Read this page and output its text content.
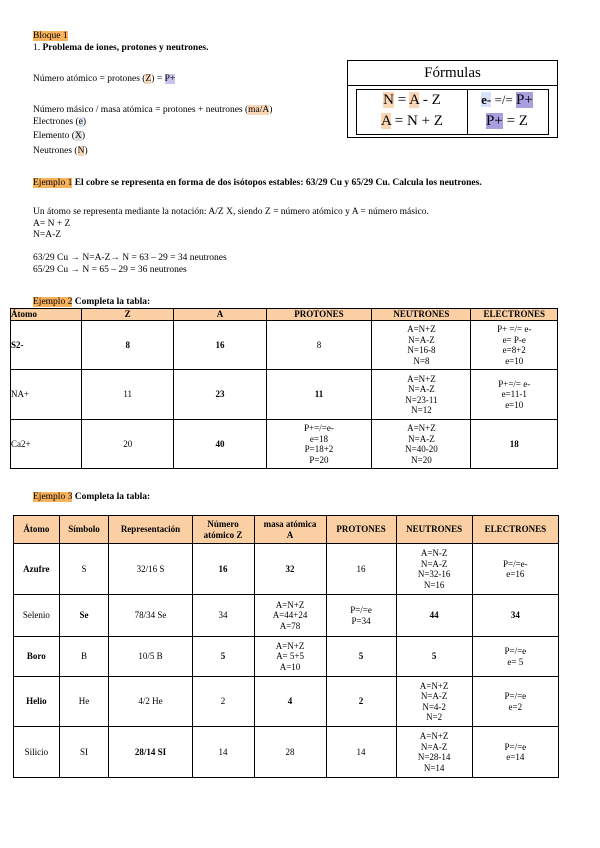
Bloque 1
1. Problema de iones, protones y neutrones.
Número atómico = protones (Z) = P+
Número másico / masa atómica = protones + neutrones (ma/A)
Electrones (e)
Elemento (X)
Neutrones (N)
Fórmulas
N = A - Z
A = N + Z
e- =/= P+
P+ = Z
Ejemplo 1 El cobre se representa en forma de dos isótopos estables: 63/29 Cu y 65/29 Cu. Calcula los neutrones.
Un átomo se representa mediante la notación: A/Z X, siendo Z = número atómico y A = número másico.
A= N + Z
N=A-Z
63/29 Cu → N=A-Z→ N = 63 – 29 = 34 neutrones
65/29 Cu → N = 65 – 29 = 36 neutrones
Ejemplo 2 Completa la tabla:
Átomo	Z	A	PROTONES	NEUTRONES	ELECTRONES
S2-	8	16	8	A=N+Z
N=A-Z
N=16-8
N=8	P+ =/= e-
e= P-e
e=8+2
e=10
NA+	11	23	11	A=N+Z
N=A-Z
N=23-11
N=12	P+=/= e-
e=11-1
e=10
Ca2+	20	40	P+=/=e-
e=18
P=18+2
P=20	A=N+Z
N=A-Z
N=40-20
N=20	18
Ejemplo 3 Completa la tabla:
Átomo	Símbolo	Representación	Número
atómico Z	masa atómica
A	PROTONES	NEUTRONES	ELECTRONES
Azufre	S	32/16 S	16	32	16	A=N-Z
N=A-Z
N=32-16
N=16	P=/=e-
e=16
Selenio	Se	78/34 Se	34	A=N+Z
A=44+24
A=78	P=/=e
P=34	44	34
Boro	B	10/5 B	5	A=N+Z
A= 5+5
A=10	5	5	P=/=e
e= 5
Helio	He	4/2 He	2	4	2	A=N+Z
N=A-Z
N=4-2
N=2	P=/=e
e=2
Silicio	SI	28/14 SI	14	28	14	A=N+Z
N=A-Z
N=28-14
N=14	P=/=e
e=14
